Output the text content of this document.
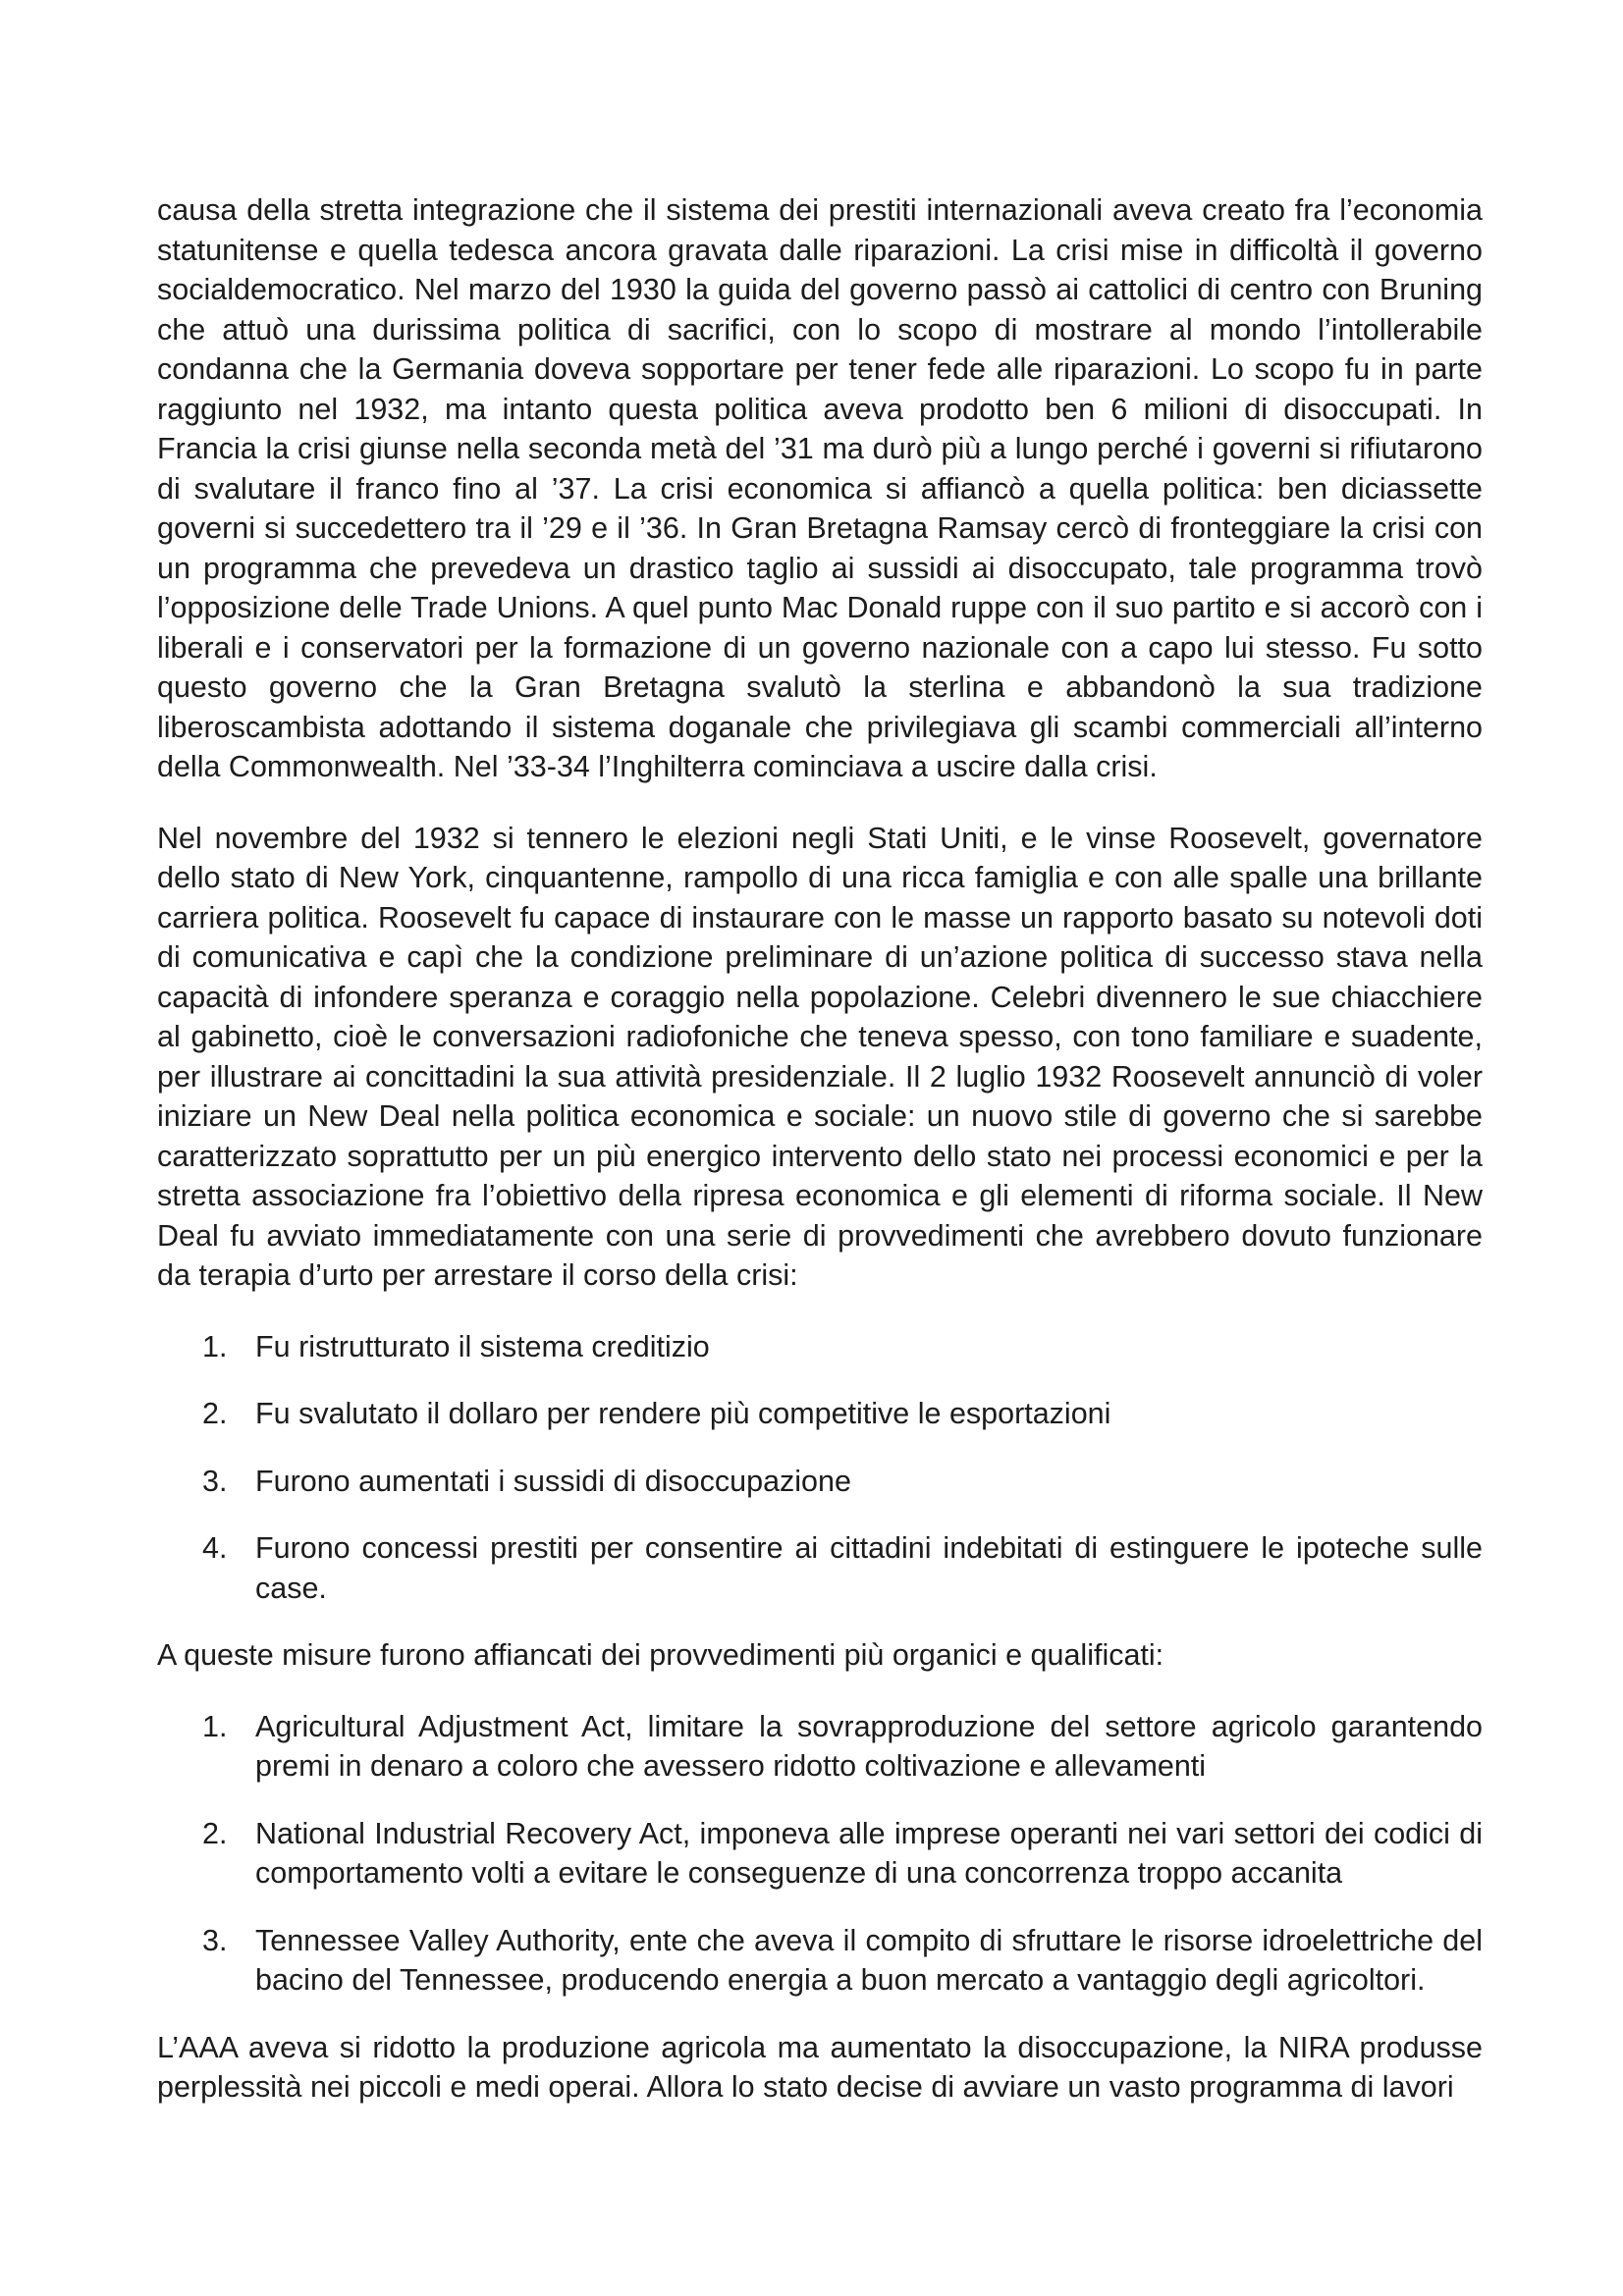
causa della stretta integrazione che il sistema dei prestiti internazionali aveva creato fra l’economia statunitense e quella tedesca ancora gravata dalle riparazioni. La crisi mise in difficoltà il governo socialdemocratico. Nel marzo del 1930 la guida del governo passò ai cattolici di centro con Bruning che attuò una durissima politica di sacrifici, con lo scopo di mostrare al mondo l’intollerabile condanna che la Germania doveva sopportare per tener fede alle riparazioni. Lo scopo fu in parte raggiunto nel 1932, ma intanto questa politica aveva prodotto ben 6 milioni di disoccupati. In Francia la crisi giunse nella seconda metà del ’31 ma durò più a lungo perché i governi si rifiutarono di svalutare il franco fino al ’37. La crisi economica si affiancò a quella politica: ben diciassette governi si succedettero tra il ’29 e il ’36. In Gran Bretagna Ramsay cercò di fronteggiare la crisi con un programma che prevedeva un drastico taglio ai sussidi ai disoccupato, tale programma trovò l’opposizione delle Trade Unions. A quel punto Mac Donald ruppe con il suo partito e si accorò con i liberali e i conservatori per la formazione di un governo nazionale con a capo lui stesso. Fu sotto questo governo che la Gran Bretagna svalutò la sterlina e abbandonò la sua tradizione liberoscambista adottando il sistema doganale che privilegiava gli scambi commerciali all’interno della Commonwealth. Nel ’33-34 l’Inghilterra cominciava a uscire dalla crisi.

Nel novembre del 1932 si tennero le elezioni negli Stati Uniti, e le vinse Roosevelt, governatore dello stato di New York, cinquantenne, rampollo di una ricca famiglia e con alle spalle una brillante carriera politica. Roosevelt fu capace di instaurare con le masse un rapporto basato su notevoli doti di comunicativa e capì che la condizione preliminare di un’azione politica di successo stava nella capacità di infondere speranza e coraggio nella popolazione. Celebri divennero le sue chiacchiere al gabinetto, cioè le conversazioni radiofoniche che teneva spesso, con tono familiare e suadente, per illustrare ai concittadini la sua attività presidenziale. Il 2 luglio 1932 Roosevelt annunciò di voler iniziare un New Deal nella politica economica e sociale: un nuovo stile di governo che si sarebbe caratterizzato soprattutto per un più energico intervento dello stato nei processi economici e per la stretta associazione fra l’obiettivo della ripresa economica e gli elementi di riforma sociale. Il New Deal fu avviato immediatamente con una serie di provvedimenti che avrebbero dovuto funzionare da terapia d’urto per arrestare il corso della crisi:

1. Fu ristrutturato il sistema creditizio
2. Fu svalutato il dollaro per rendere più competitive le esportazioni
3. Furono aumentati i sussidi di disoccupazione
4. Furono concessi prestiti per consentire ai cittadini indebitati di estinguere le ipoteche sulle case.

A queste misure furono affiancati dei provvedimenti più organici e qualificati:

1. Agricultural Adjustment Act, limitare la sovrapproduzione del settore agricolo garantendo premi in denaro a coloro che avessero ridotto coltivazione e allevamenti
2. National Industrial Recovery Act, imponeva alle imprese operanti nei vari settori dei codici di comportamento volti a evitare le conseguenze di una concorrenza troppo accanita
3. Tennessee Valley Authority, ente che aveva il compito di sfruttare le risorse idroelettriche del bacino del Tennessee, producendo energia a buon mercato a vantaggio degli agricoltori.

L’AAA aveva si ridotto la produzione agricola ma aumentato la disoccupazione, la NIRA produsse perplessità nei piccoli e medi operai. Allora lo stato decise di avviare un vasto programma di lavori
